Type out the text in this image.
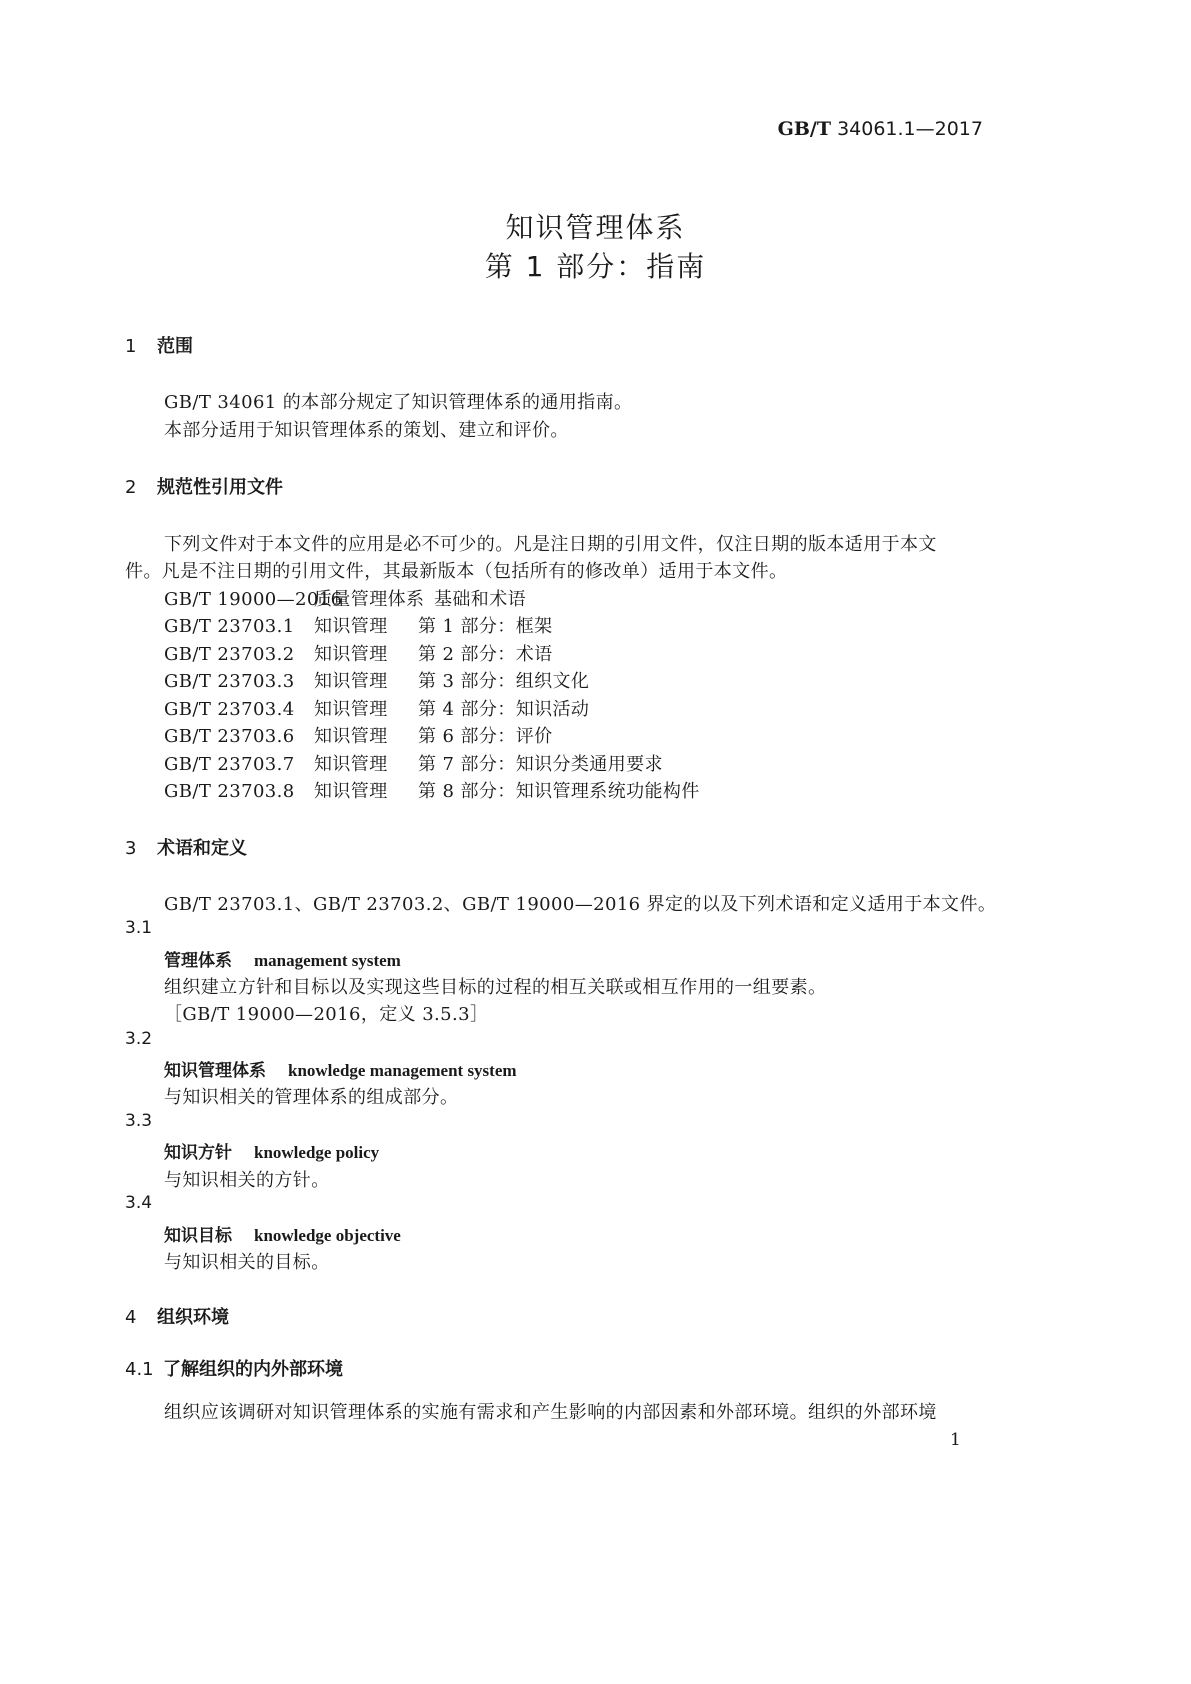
GB/T 34061.1—2017
知识管理体系
第 1 部分：指南
1 范围
GB/T 34061 的本部分规定了知识管理体系的通用指南。
本部分适用于知识管理体系的策划、建立和评价。
2 规范性引用文件
下列文件对于本文件的应用是必不可少的。凡是注日期的引用文件，仅注日期的版本适用于本文
件。凡是不注日期的引用文件，其最新版本（包括所有的修改单）适用于本文件。
GB/T 19000—2016质量管理体系 基础和术语
GB/T 23703.1 知识管理 第 1 部分：框架
GB/T 23703.2 知识管理 第 2 部分：术语
GB/T 23703.3 知识管理 第 3 部分：组织文化
GB/T 23703.4 知识管理 第 4 部分：知识活动
GB/T 23703.6 知识管理 第 6 部分：评价
GB/T 23703.7 知识管理 第 7 部分：知识分类通用要求
GB/T 23703.8 知识管理 第 8 部分：知识管理系统功能构件
3 术语和定义
GB/T 23703.1、GB/T 23703.2、GB/T 19000—2016 界定的以及下列术语和定义适用于本文件。
3.1
管理体系 management system
组织建立方针和目标以及实现这些目标的过程的相互关联或相互作用的一组要素。
［GB/T 19000—2016，定义 3.5.3］
3.2
知识管理体系 knowledge management system
与知识相关的管理体系的组成部分。
3.3
知识方针 knowledge policy
与知识相关的方针。
3.4
知识目标 knowledge objective
与知识相关的目标。
4 组织环境
4.1 了解组织的内外部环境
组织应该调研对知识管理体系的实施有需求和产生影响的内部因素和外部环境。组织的外部环境
1
